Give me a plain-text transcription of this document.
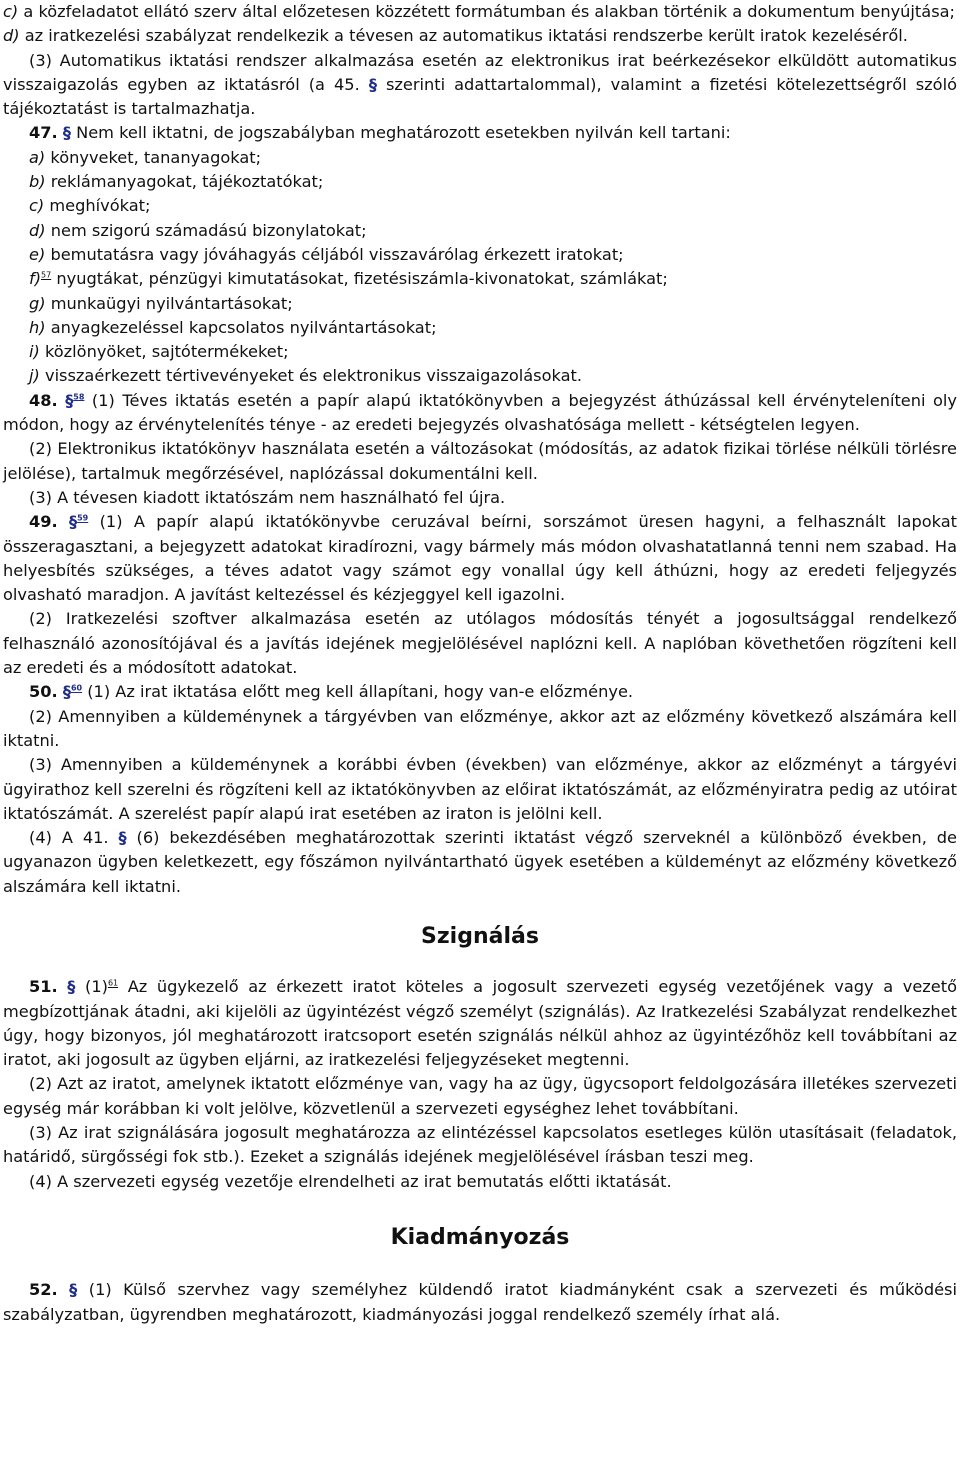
c) a közfeladatot ellátó szerv által előzetesen közzétett formátumban és alakban történik a dokumentum benyújtása;

d) az iratkezelési szabályzat rendelkezik a tévesen az automatikus iktatási rendszerbe került iratok kezeléséről.

(3) Automatikus iktatási rendszer alkalmazása esetén az elektronikus irat beérkezésekor elküldött automatikus visszaigazolás egyben az iktatásról (a 45. § szerinti adattartalommal), valamint a fizetési kötelezettségről szóló tájékoztatást is tartalmazhatja.

47. § Nem kell iktatni, de jogszabályban meghatározott esetekben nyilván kell tartani:

a) könyveket, tananyagokat;

b) reklámanyagokat, tájékoztatókat;

c) meghívókat;

d) nem szigorú számadású bizonylatokat;

e) bemutatásra vagy jóváhagyás céljából visszavárólag érkezett iratokat;

f)$^{57}$ nyugtákat, pénzügyi kimutatásokat, fizetésiszámla-kivonatokat, számlákat;

g) munkaügyi nyilvántartásokat;

h) anyagkezeléssel kapcsolatos nyilvántartásokat;

i) közlönyöket, sajtótermékeket;

j) visszaérkezett tértivevényeket és elektronikus visszaigazolásokat.

48. §$^{58}$ (1) Téves iktatás esetén a papír alapú iktatókönyvben a bejegyzést áthúzással kell érvényteleníteni oly módon, hogy az érvénytelenítés ténye - az eredeti bejegyzés olvashatósága mellett - kétségtelen legyen.

(2) Elektronikus iktatókönyv használata esetén a változásokat (módosítás, az adatok fizikai törlése nélküli törlésre jelölése), tartalmuk megőrzésével, naplózással dokumentálni kell.

(3) A tévesen kiadott iktatószám nem használható fel újra.

49. §$^{59}$ (1) A papír alapú iktatókönyvbe ceruzával beírni, sorszámot üresen hagyni, a felhasznált lapokat összeragasztani, a bejegyzett adatokat kiradírozni, vagy bármely más módon olvashatatlanná tenni nem szabad. Ha helyesbítés szükséges, a téves adatot vagy számot egy vonallal úgy kell áthúzni, hogy az eredeti feljegyzés olvasható maradjon. A javítást keltezéssel és kézjeggyel kell igazolni.

(2) Iratkezelési szoftver alkalmazása esetén az utólagos módosítás tényét a jogosultsággal rendelkező felhasználó azonosítójával és a javítás idejének megjelölésével naplózni kell. A naplóban követhetően rögzíteni kell az eredeti és a módosított adatokat.

50. §$^{60}$ (1) Az irat iktatása előtt meg kell állapítani, hogy van-e előzménye.

(2) Amennyiben a küldeménynek a tárgyévben van előzménye, akkor azt az előzmény következő alszámára kell iktatni.

(3) Amennyiben a küldeménynek a korábbi évben (években) van előzménye, akkor az előzményt a tárgyévi ügyirathoz kell szerelni és rögzíteni kell az iktatókönyvben az előirat iktatószámát, az előzményiratra pedig az utóirat iktatószámát. A szerelést papír alapú irat esetében az iraton is jelölni kell.

(4) A 41. § (6) bekezdésében meghatározottak szerinti iktatást végző szerveknél a különböző években, de ugyanazon ügyben keletkezett, egy főszámon nyilvántartható ügyek esetében a küldeményt az előzmény következő alszámára kell iktatni.

Szignálás

51. § $(1)^{61}$ Az ügykezelő az érkezett iratot köteles a jogosult szervezeti egység vezetőjének vagy a vezető megbízottjának átadni, aki kijelöli az ügyintézést végző személyt (szignálás). Az Iratkezelési Szabályzat rendelkezhet úgy, hogy bizonyos, jól meghatározott iratcsoport esetén szignálás nélkül ahhoz az ügyintézőhöz kell továbbítani az iratot, aki jogosult az ügyben eljárni, az iratkezelési feljegyzéseket megtenni.

(2) Azt az iratot, amelynek iktatott előzménye van, vagy ha az ügy, ügycsoport feldolgozására illetékes szervezeti egység már korábban ki volt jelölve, közvetlenül a szervezeti egységhez lehet továbbítani.

(3) Az irat szignálására jogosult meghatározza az elintézéssel kapcsolatos esetleges külön utasításait (feladatok, határidő, sürgősségi fok stb.). Ezeket a szignálás idejének megjelölésével írásban teszi meg.

(4) A szervezeti egység vezetője elrendelheti az irat bemutatás előtti iktatását.

Kiadmányozás

52. § (1) Külső szervhez vagy személyhez küldendő iratot kiadmányként csak a szervezeti és működési szabályzatban, ügyrendben meghatározott, kiadmányozási joggal rendelkező személy írhat alá.
